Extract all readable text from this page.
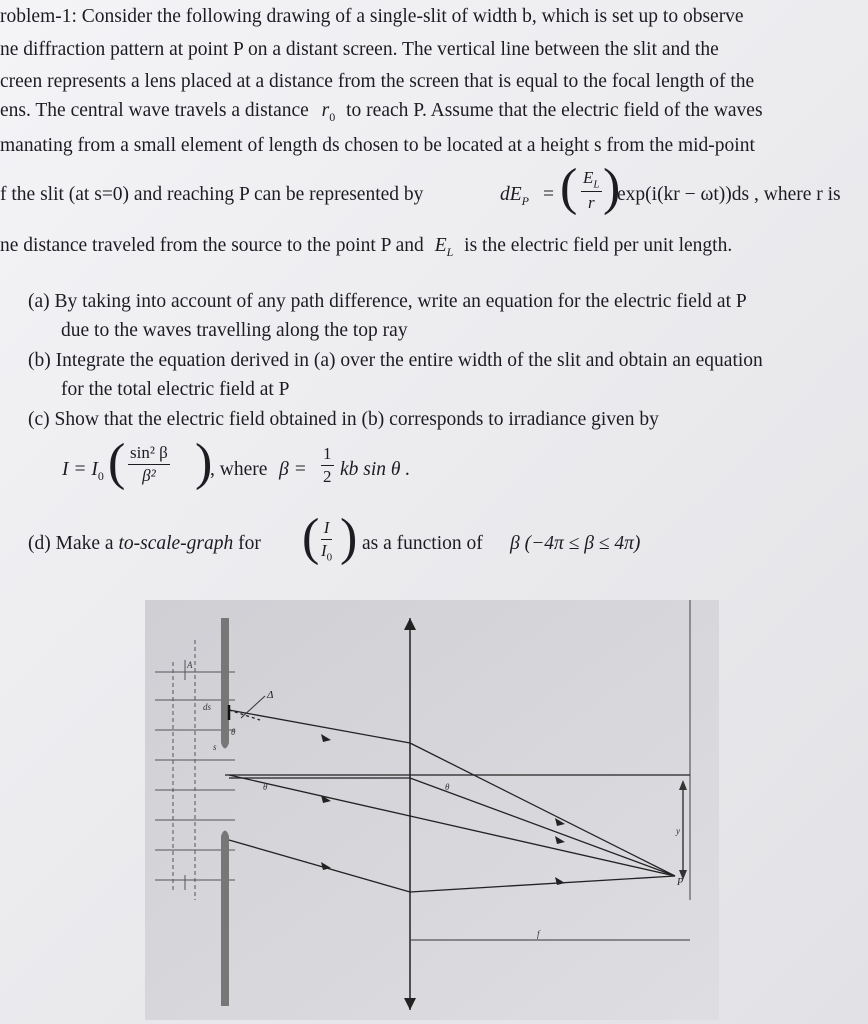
roblem-1: Consider the following drawing of a single-slit of width b, which is set up to observe
ne diffraction pattern at point P on a distant screen. The vertical line between the slit and the
creen represents a lens placed at a distance from the screen that is equal to the focal length of the
ens. The central wave travels a distance $r_0$ to reach P. Assume that the electric field of the waves
manating from a small element of length ds chosen to be located at a height s from the mid-point
f the slit (at s=0) and reaching P can be represented by	$dE_P$ = ( $\frac{E_L}{r}$ )
exp(i(kr − ωt))ds , where r is
ne distance traveled from the source to the point P and $E_L$ is the electric field per unit length.
(a) By taking into account of any path difference, write an equation for the electric field at P
due to the waves travelling along the top ray
(b) Integrate the equation derived in (a) over the entire width of the slit and obtain an equation
for the total electric field at P
(c) Show that the electric field obtained in (b) corresponds to irradiance given by
$I = I_0$ ( $\frac{\text{sin² β}}{\text{β²}}$ )
, where $\beta = \frac{1}{2}$ kb sin θ .
(d) Make a to-scale-graph for ( $\frac{I}{I_0}$ ) as a function of β (−4π ≤ β ≤ 4π)
A
Δ
ds
θ
s
θ	θ
y
P
f
